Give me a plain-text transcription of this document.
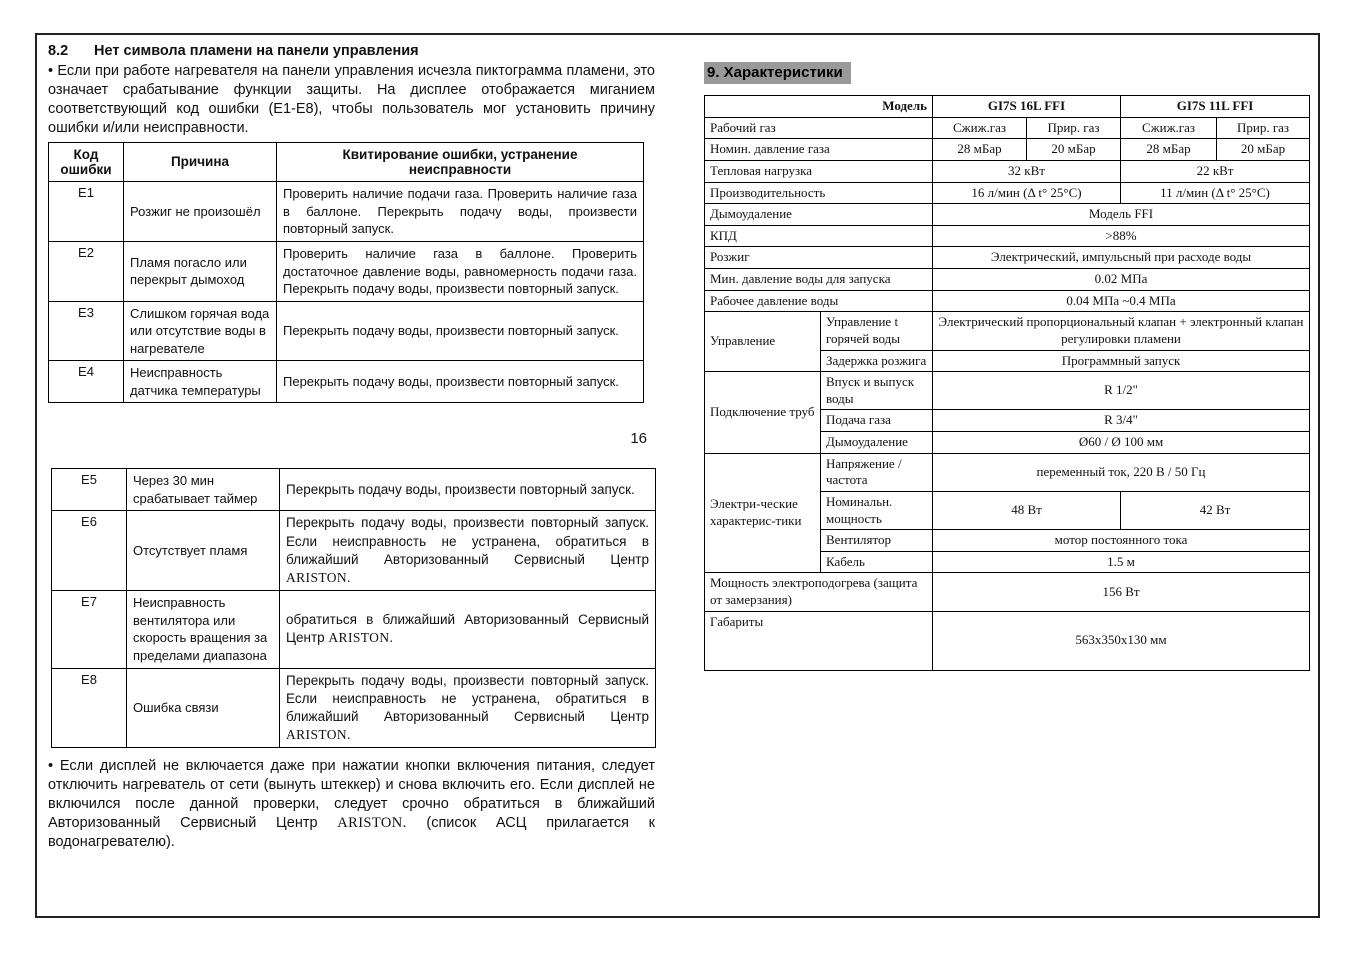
8.2 Нет символа пламени на панели управления

• Если при работе нагревателя на панели управления исчезла пиктограмма пламени, это означает срабатывание функции защиты. На дисплее отображается миганием соответствующий код ошибки (E1-E8), чтобы пользователь мог установить причину ошибки и/или неисправности.

Код ошибки	Причина	Квитирование ошибки, устранение неисправности
E1	Розжиг не произошёл	Проверить наличие подачи газа. Проверить наличие газа в баллоне. Перекрыть подачу воды, произвести повторный запуск.
E2	Пламя погасло или перекрыт дымоход	Проверить наличие газа в баллоне. Проверить достаточное давление воды, равномерность подачи газа. Перекрыть подачу воды, произвести повторный запуск.
E3	Слишком горячая вода или отсутствие воды в нагревателе	Перекрыть подачу воды, произвести повторный запуск.
E4	Неисправность датчика температуры	Перекрыть подачу воды, произвести повторный запуск.
16
E5	Через 30 мин срабатывает таймер	Перекрыть подачу воды, произвести повторный запуск.
E6	Отсутствует пламя	Перекрыть подачу воды, произвести повторный запуск. Если неисправность не устранена, обратиться в ближайший Авторизованный Сервисный Центр ARISTON.
E7	Неисправность вентилятора или скорость вращения за пределами диапазона	обратиться в ближайший Авторизованный Сервисный Центр ARISTON.
E8	Ошибка связи	Перекрыть подачу воды, произвести повторный запуск. Если неисправность не устранена, обратиться в ближайший Авторизованный Сервисный Центр ARISTON.

• Если дисплей не включается даже при нажатии кнопки включения питания, следует отключить нагреватель от сети (вынуть штеккер) и снова включить его. Если дисплей не включился после данной проверки, следует срочно обратиться в ближайший Авторизованный Сервисный Центр ARISTON. (список АСЦ прилагается к водонагревателю).

9. Характеристики
Модель		GI7S 16L FFI		GI7S 11L FFI	
Рабочий газ		Сжиж.газ	Прир. газ	Сжиж.газ	Прир. газ
Номин. давление газа		28 мБар	20 мБар	28 мБар	20 мБар
Тепловая нагрузка		32 кВт		22 кВт	
Производительность		16 л/мин (Δ t° 25°C)		11 л/мин (Δ t° 25°C)	
Дымоудаление		Модель FFI			
КПД		>88%			
Розжиг		Электрический, импульсный при расходе воды			
Мин. давление воды для запуска		0.02 МПа			
Рабочее давление воды		0.04 МПа ~0.4 МПа			
Управление	Управление t горячей воды	Электрический пропорциональный клапан + электронный клапан регулировки пламени			
	Задержка розжига	Программный запуск			
Подключение труб	Впуск и выпуск воды	R 1/2"			
	Подача газа	R 3/4"			
	Дымоудаление	Ø60 / Ø 100 мм			
Электри-ческие характерис-тики	Напряжение / частота	переменный ток, 220 В / 50 Гц			
	Номинальн. мощность	48 Вт		42 Вт	
	Вентилятор	мотор постоянного тока			
	Кабель	1.5 м			
Мощность электроподогрева (защита от замерзания)		156 Вт			
Габариты		563x350x130 мм			
